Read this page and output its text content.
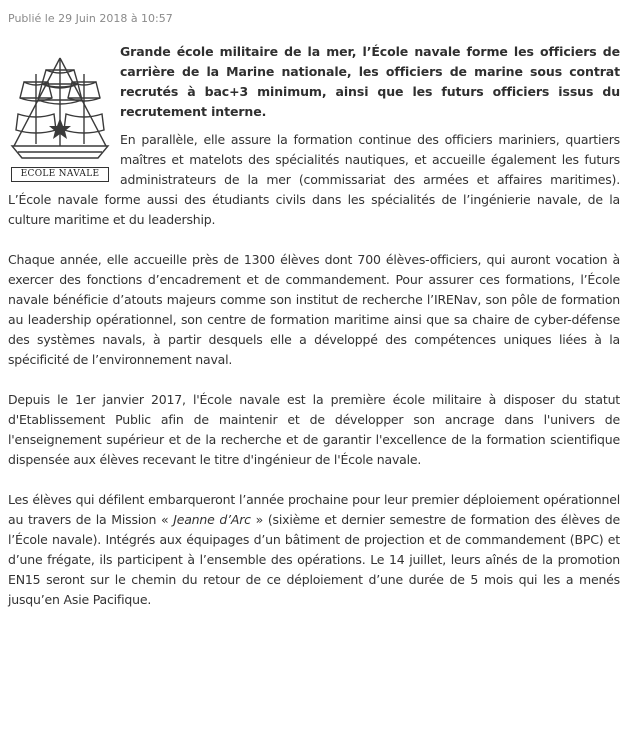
Publié le 29 Juin 2018 à 10:57
ECOLE NAVALE

Grande école militaire de la mer, l’École navale forme les officiers de carrière de la Marine nationale, les officiers de marine sous contrat recrutés à bac+3 minimum, ainsi que les futurs officiers issus du recrutement interne.

En parallèle, elle assure la formation continue des officiers mariniers, quartiers maîtres et matelots des spécialités nautiques, et accueille également les futurs administrateurs de la mer (commissariat des armées et affaires maritimes). L’École navale forme aussi des étudiants civils dans les spécialités de l’ingénierie navale, de la culture maritime et du leadership.

Chaque année, elle accueille près de 1300 élèves dont 700 élèves-officiers, qui auront vocation à exercer des fonctions d’encadrement et de commandement. Pour assurer ces formations, l’École navale bénéficie d’atouts majeurs comme son institut de recherche l’IRENav, son pôle de formation au leadership opérationnel, son centre de formation maritime ainsi que sa chaire de cyber-défense des systèmes navals, à partir desquels elle a développé des compétences uniques liées à la spécificité de l’environnement naval.

Depuis le 1er janvier 2017, l'École navale est la première école militaire à disposer du statut d'Etablissement Public afin de maintenir et de développer son ancrage dans l'univers de l'enseignement supérieur et de la recherche et de garantir l'excellence de la formation scientifique dispensée aux élèves recevant le titre d'ingénieur de l'École navale.

Les élèves qui défilent embarqueront l’année prochaine pour leur premier déploiement opérationnel au travers de la Mission « Jeanne d’Arc » (sixième et dernier semestre de formation des élèves de l’École navale). Intégrés aux équipages d’un bâtiment de projection et de commandement (BPC) et d’une frégate, ils participent à l’ensemble des opérations. Le 14 juillet, leurs aînés de la promotion EN15 seront sur le chemin du retour de ce déploiement d’une durée de 5 mois qui les a menés jusqu’en Asie Pacifique.
